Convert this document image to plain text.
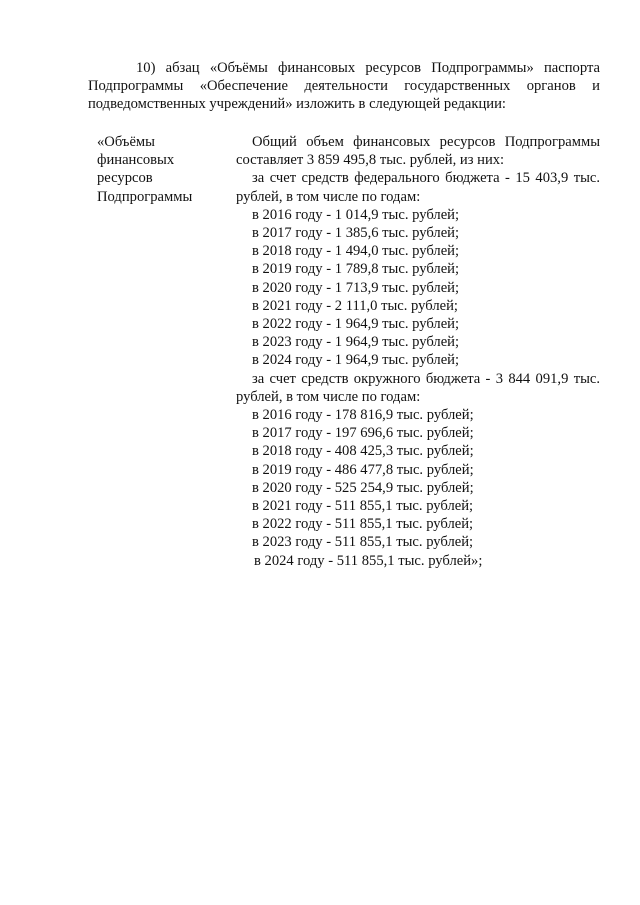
10) абзац «Объёмы финансовых ресурсов Подпрограммы» паспорта Подпрограммы «Обеспечение деятельности государственных органов и подведомственных учреждений» изложить в следующей редакции:

«Объёмы
финансовых
ресурсов
Подпрограммы

Общий объем финансовых ресурсов Подпрограммы составляет 3 859 495,8 тыс. рублей, из них:

за счет средств федерального бюджета - 15 403,9 тыс. рублей, в том числе по годам:

в 2016 году - 1 014,9 тыс. рублей;
в 2017 году - 1 385,6 тыс. рублей;
в 2018 году - 1 494,0 тыс. рублей;
в 2019 году - 1 789,8 тыс. рублей;
в 2020 году - 1 713,9 тыс. рублей;
в 2021 году - 2 111,0 тыс. рублей;
в 2022 году - 1 964,9 тыс. рублей;
в 2023 году - 1 964,9 тыс. рублей;
в 2024 году - 1 964,9 тыс. рублей;

за счет средств окружного бюджета - 3 844 091,9 тыс. рублей, в том числе по годам:

в 2016 году - 178 816,9 тыс. рублей;
в 2017 году - 197 696,6 тыс. рублей;
в 2018 году - 408 425,3 тыс. рублей;
в 2019 году - 486 477,8 тыс. рублей;
в 2020 году - 525 254,9 тыс. рублей;
в 2021 году - 511 855,1 тыс. рублей;
в 2022 году - 511 855,1 тыс. рублей;
в 2023 году - 511 855,1 тыс. рублей;
в 2024 году - 511 855,1 тыс. рублей»;
